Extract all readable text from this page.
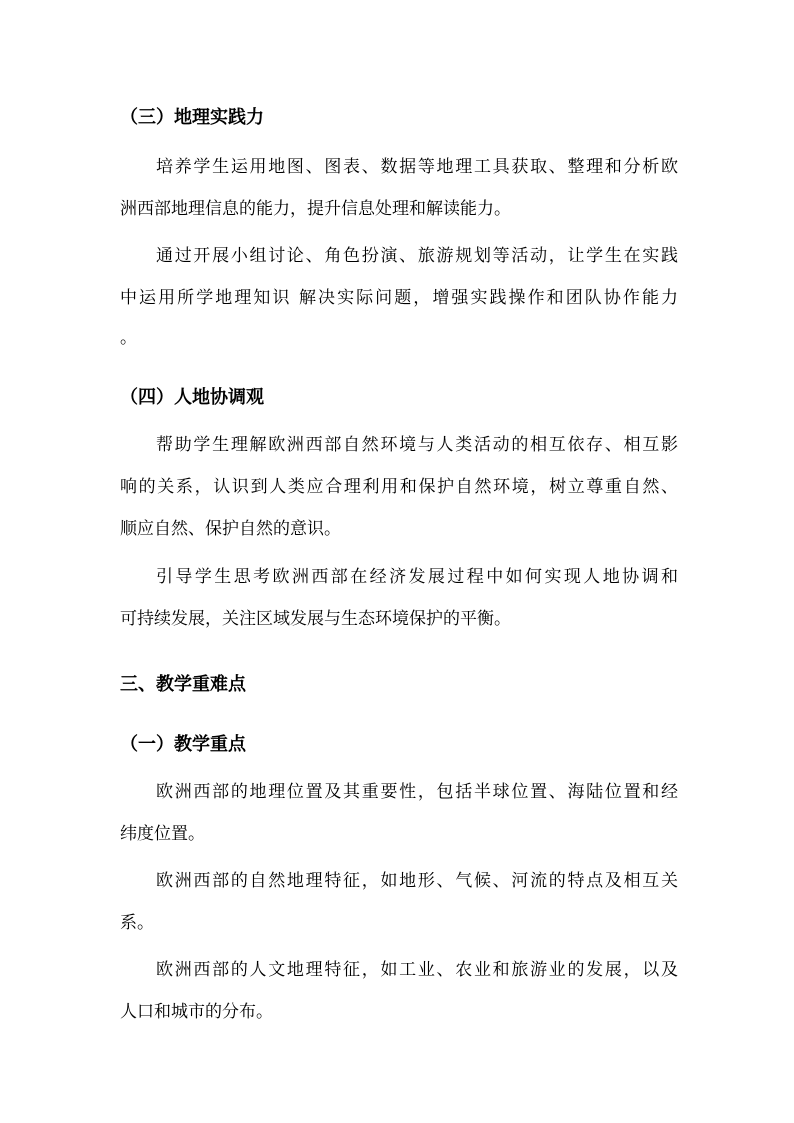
（三）地理实践力
培养学生运用地图、图表、数据等地理工具获取、整理和分析欧
洲西部地理信息的能力，提升信息处理和解读能力。
通过开展小组讨论、角色扮演、旅游规划等活动，让学生在实践
中运用所学地理知识 解决实际问题，增强实践操作和团队协作能力
。
（四）人地协调观
帮助学生理解欧洲西部自然环境与人类活动的相互依存、相互影
响的关系，认识到人类应合理利用和保护自然环境，树立尊重自然、
顺应自然、保护自然的意识。
引导学生思考欧洲西部在经济发展过程中如何实现人地协调和
可持续发展，关注区域发展与生态环境保护的平衡。
三、教学重难点
（一）教学重点
欧洲西部的地理位置及其重要性，包括半球位置、海陆位置和经
纬度位置。
欧洲西部的自然地理特征，如地形、气候、河流的特点及相互关
系。
欧洲西部的人文地理特征，如工业、农业和旅游业的发展，以及
人口和城市的分布。
